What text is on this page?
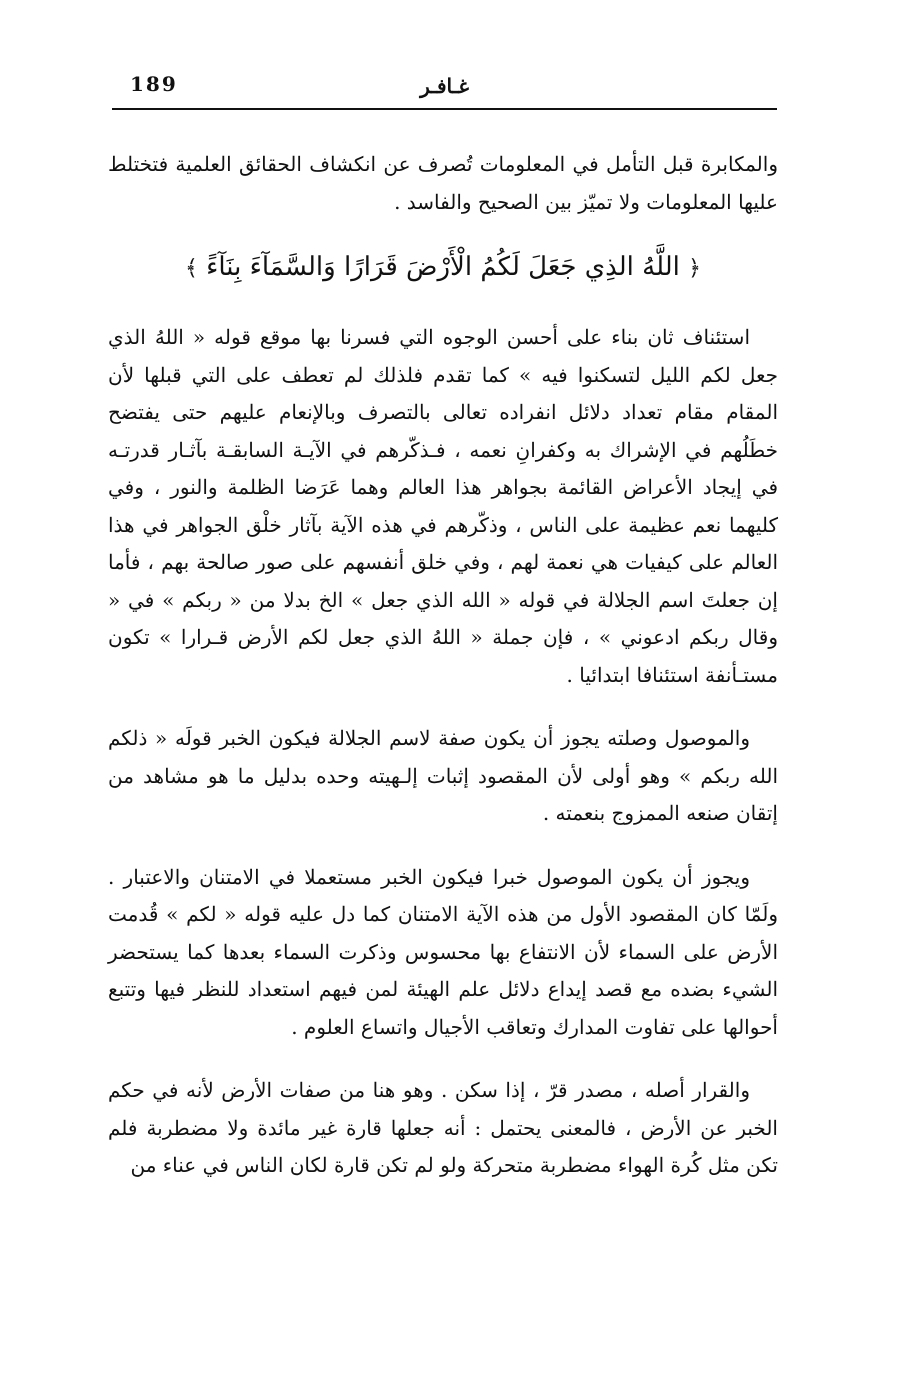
189	غـافـر

والمكابرة قبل التأمل في المعلومات تُصرف عن انكشاف الحقائق العلمية فتختلط عليها المعلومات ولا تميّز بين الصحيح والفاسد .

﴿ اللَّهُ الذِي جَعَلَ لَكُمُ الْأَرْضَ قَرَارًا وَالسَّمَآءَ بِنَآءً ﴾

استئناف ثان بناء على أحسن الوجوه التي فسرنا بها موقع قوله « اللهُ الذي جعل لكم الليل لتسكنوا فيه » كما تقدم فلذلك لم تعطف على التي قبلها لأن المقام مقام تعداد دلائل انفراده تعالى بالتصرف وبالإنعام عليهم حتى يفتضح خطَلُهم في الإشراك به وكفرانِ نعمه ، فـذكّرهم في الآيـة السابقـة بآثـار قدرتـه في إيجاد الأعراض القائمة بجواهر هذا العالم وهما عَرَضا الظلمة والنور ، وفي كليهما نعم عظيمة على الناس ، وذكّرهم في هذه الآية بآثار خلْق الجواهر في هذا العالم على كيفيات هي نعمة لهم ، وفي خلق أنفسهم على صور صالحة بهم ، فأما إن جعلتَ اسم الجلالة في قوله « الله الذي جعل » الخ بدلا من « ربكم » في « وقال ربكم ادعوني » ، فإن جملة « اللهُ الذي جعل لكم الأرض قـرارا » تكون مستـأنفة استئنافا ابتدائيا .

والموصول وصلته يجوز أن يكون صفة لاسم الجلالة فيكون الخبر قولَه « ذلكم الله ربكم » وهو أولى لأن المقصود إثبات إلـهيته وحده بدليل ما هو مشاهد من إتقان صنعه الممزوج بنعمته .

ويجوز أن يكون الموصول خبرا فيكون الخبر مستعملا في الامتنان والاعتبار . ولَمّا كان المقصود الأول من هذه الآية الامتنان كما دل عليه قوله « لكم » قُدمت الأرض على السماء لأن الانتفاع بها محسوس وذكرت السماء بعدها كما يستحضر الشيء بضده مع قصد إيداع دلائل علم الهيئة لمن فيهم استعداد للنظر فيها وتتبع أحوالها على تفاوت المدارك وتعاقب الأجيال واتساع العلوم .

والقرار أصله ، مصدر قرّ ، إذا سكن . وهو هنا من صفات الأرض لأنه في حكم الخبر عن الأرض ، فالمعنى يحتمل : أنه جعلها قارة غير مائدة ولا مضطربة فلم تكن مثل كُرة الهواء مضطربة متحركة ولو لم تكن قارة لكان الناس في عناء من
